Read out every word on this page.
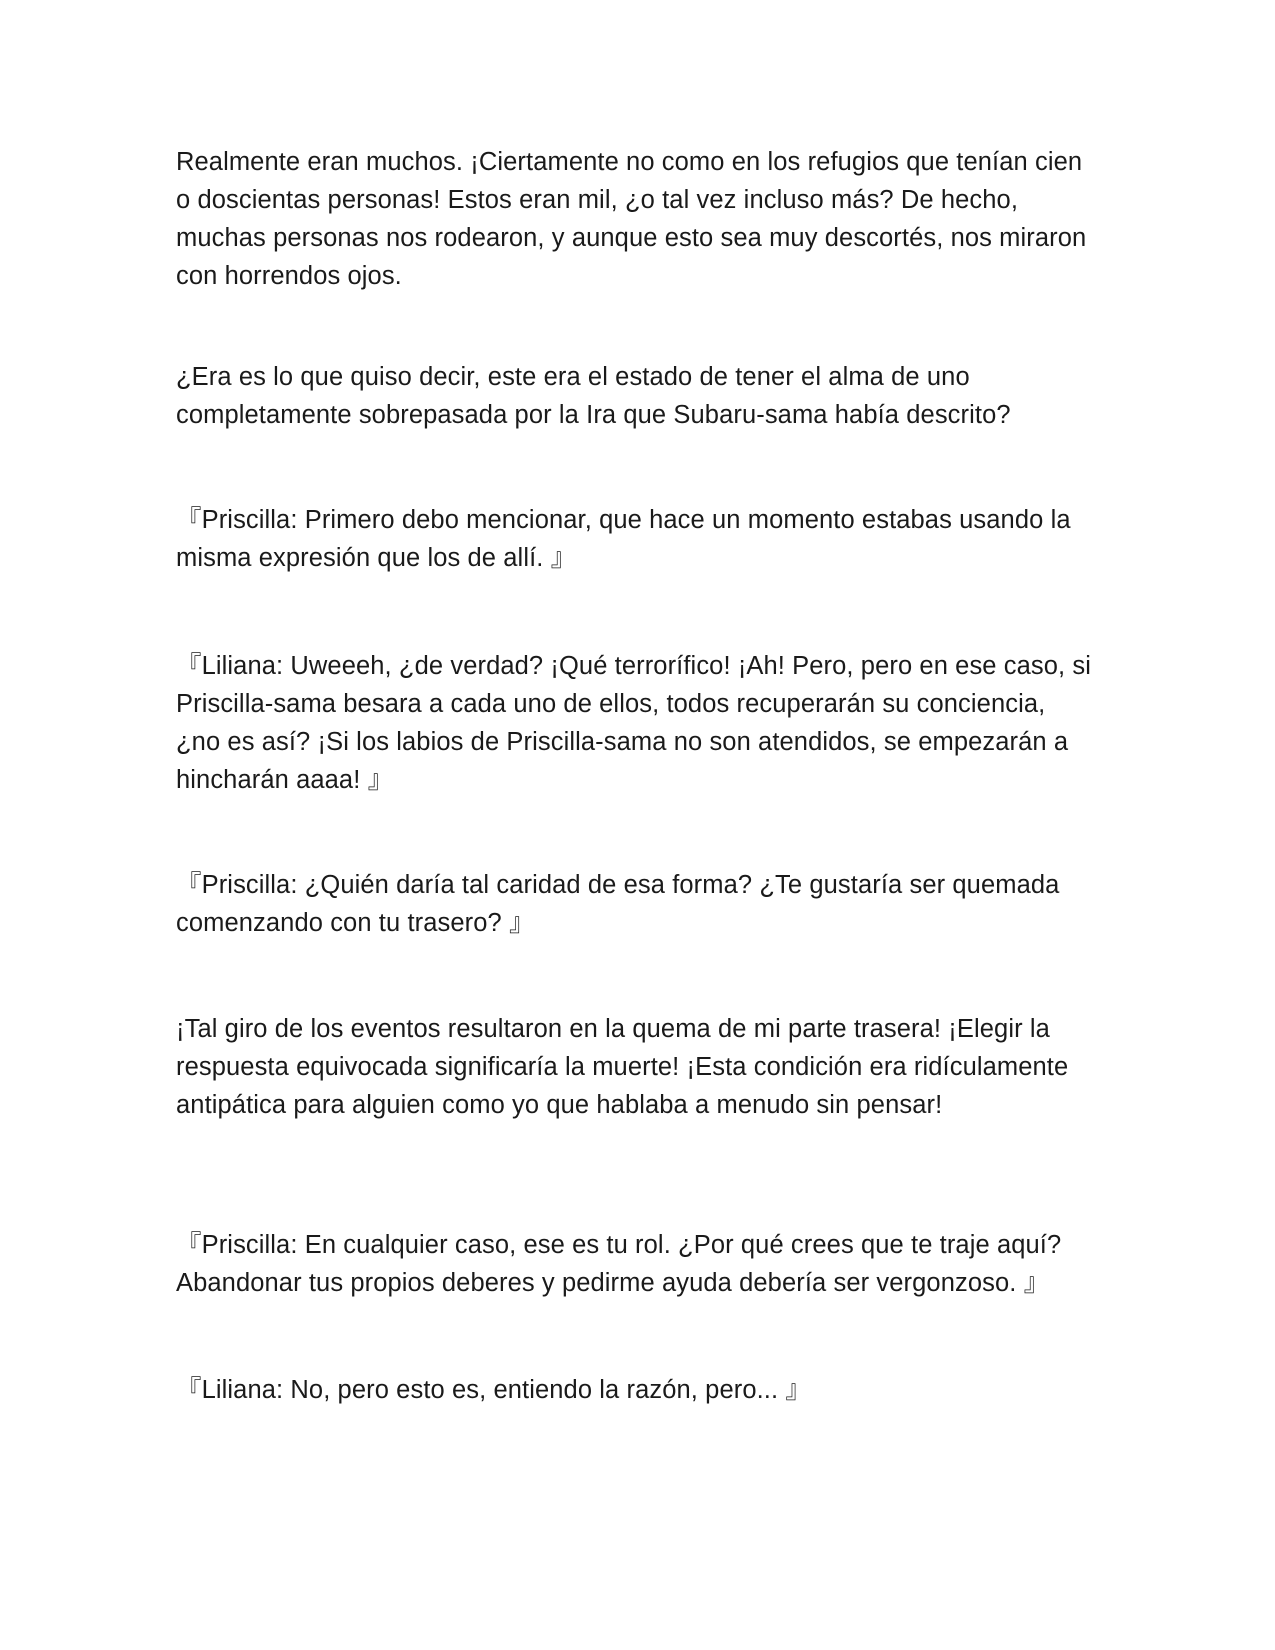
Realmente eran muchos. ¡Ciertamente no como en los refugios que tenían cien o doscientas personas! Estos eran mil, ¿o tal vez incluso más? De hecho, muchas personas nos rodearon, y aunque esto sea muy descortés, nos miraron con horrendos ojos.

¿Era es lo que quiso decir, este era el estado de tener el alma de uno completamente sobrepasada por la Ira que Subaru-sama había descrito?

『Priscilla: Primero debo mencionar, que hace un momento estabas usando la misma expresión que los de allí. 』

『Liliana: Uweeeh, ¿de verdad? ¡Qué terrorífico! ¡Ah! Pero, pero en ese caso, si Priscilla-sama besara a cada uno de ellos, todos recuperarán su conciencia, ¿no es así? ¡Si los labios de Priscilla-sama no son atendidos, se empezarán a hincharán aaaa! 』

『Priscilla: ¿Quién daría tal caridad de esa forma? ¿Te gustaría ser quemada comenzando con tu trasero? 』

¡Tal giro de los eventos resultaron en la quema de mi parte trasera! ¡Elegir la respuesta equivocada significaría la muerte! ¡Esta condición era ridículamente antipática para alguien como yo que hablaba a menudo sin pensar!

『Priscilla: En cualquier caso, ese es tu rol. ¿Por qué crees que te traje aquí? Abandonar tus propios deberes y pedirme ayuda debería ser vergonzoso. 』

『Liliana: No, pero esto es, entiendo la razón, pero... 』
